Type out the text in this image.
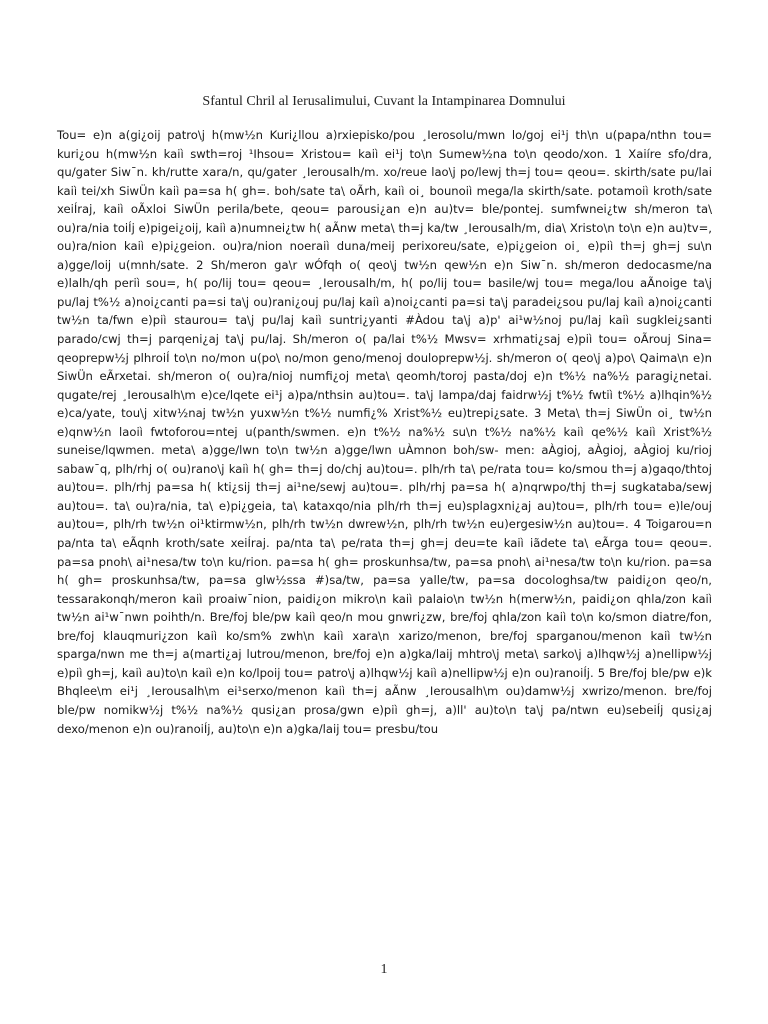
Sfantul Chril al Ierusalimului, Cuvant la Intampinarea Domnului
Tou= e)n a(gi¿oij patro\j h(mw½n Kuri¿llou a)rxiepisko/pou ¸Ierosolu/mwn lo/goj ei¹j th\n u(papa/nthn tou= kuri¿ou h(mw½n kaiì swth=roj ¹Ihsou= Xristou= kaiì ei¹j to\n Sumew½na to\n qeodo/xon. 1 Xaiíre sfo/dra, qu/gater Siw¯n. kh/rutte xara/n, qu/gater ¸Ierousalh/m. xo/reue lao\j po/lewj th=j tou= qeou=. skirth/sate pu/lai kaiì tei/xh SiwÜn kaiì pa=sa h( gh=. boh/sate ta\ oÃrh, kaiì oi¸ bounoiì mega/la skirth/sate. potamoiì kroth/sate xeiÍraj, kaiì oÃxloi SiwÜn perila/bete, qeou= parousi¿an e)n au)tv= ble/pontej. sumfwnei¿tw sh/meron ta\ ou)ra/nia toiÍj e)pigei¿oij, kaiì a)numnei¿tw h( aÃnw meta\ th=j ka/tw ¸Ierousalh/m, dia\ Xristo\n to\n e)n au)tv=, ou)ra/nion kaiì e)pi¿geion. ou)ra/nion noeraiì duna/meij perixoreu/sate, e)pi¿geion oi¸ e)piì th=j gh=j su\n a)gge/loij u(mnh/sate. 2 Sh/meron ga\r wÓfqh o( qeo\j tw½n qew½n e)n Siw¯n. sh/meron dedocasme/na e)lalh/qh periì sou=, h( po/lij tou= qeou= ¸Ierousalh/m, h( po/lij tou= basile/wj tou= mega/lou aÃnoige ta\j pu/laj t%½ a)noi¿canti pa=si ta\j ou)rani¿ouj pu/laj kaiì a)noi¿canti pa=si ta\j paradei¿sou pu/laj kaiì a)noi¿canti tw½n ta/fwn e)piì staurou= ta\j pu/laj kaiì suntri¿yanti #Àdou ta\j a)p' ai¹w½noj pu/laj kaiì sugklei¿santi parado/cwj th=j parqeni¿aj ta\j pu/laj. Sh/meron o( pa/lai t%½ Mwsv= xrhmati¿saj e)piì tou= oÃrouj Sina= qeoprepw½j plhroiÍ to\n no/mon u(po\ no/mon geno/menoj douloprepw½j. sh/meron o( qeo\j a)po\ Qaima\n e)n SiwÜn eÃrxetai. sh/meron o( ou)ra/nioj numfi¿oj meta\ qeomh/toroj pasta/doj e)n t%½ na%½ paragi¿netai. qugate/rej ¸Ierousalh\m e)ce/lqete ei¹j a)pa/nthsin au)tou=. ta\j lampa/daj faidrw½j t%½ fwtiì t%½ a)lhqin%½ e)ca/yate, tou\j xitw½naj tw½n yuxw½n t%½ numfi¿% Xrist%½ eu)trepi¿sate. 3 Meta\ th=j SiwÜn oi¸ tw½n e)qnw½n laoiì fwtoforou=ntej u(panth/swmen. e)n t%½ na%½ su\n t%½ na%½ kaiì qe%½ kaiì Xrist%½ suneise/lqwmen. meta\ a)gge/lwn to\n tw½n a)gge/lwn uÀmnon boh/sw- men: aÀgioj, aÀgioj, aÀgioj ku/rioj sabaw¯q, plh/rhj o( ou)rano\j kaiì h( gh= th=j do/chj au)tou=. plh/rh ta\ pe/rata tou= ko/smou th=j a)gaqo/thtoj au)tou=. plh/rhj pa=sa h( kti¿sij th=j ai¹ne/sewj au)tou=. plh/rhj pa=sa h( a)nqrwpo/thj th=j sugkataba/sewj au)tou=. ta\ ou)ra/nia, ta\ e)pi¿geia, ta\ kataxqo/nia plh/rh th=j eu)splagxni¿aj au)tou=, plh/rh tou= e)le/ouj au)tou=, plh/rh tw½n oi¹ktirmw½n, plh/rh tw½n dwrew½n, plh/rh tw½n eu)ergesiw½n au)tou=. 4 Toigarou=n pa/nta ta\ eÃqnh kroth/sate xeiÍraj. pa/nta ta\ pe/rata th=j gh=j deu=te kaiì iãdete ta\ eÃrga tou= qeou=. pa=sa pnoh\ ai¹nesa/tw to\n ku/rion. pa=sa h( gh= proskunhsa/tw, pa=sa pnoh\ ai¹nesa/tw to\n ku/rion. pa=sa h( gh= proskunhsa/tw, pa=sa glw½ssa #)sa/tw, pa=sa yalle/tw, pa=sa docologhsa/tw paidi¿on qeo/n, tessarakonqh/meron kaiì proaiw¯nion, paidi¿on mikro\n kaiì palaio\n tw½n h(merw½n, paidi¿on qhla/zon kaiì tw½n ai¹w¯nwn poihth/n. Bre/foj ble/pw kaiì qeo/n mou gnwri¿zw, bre/foj qhla/zon kaiì to\n ko/smon diatre/fon, bre/foj klauqmuri¿zon kaiì ko/sm% zwh\n kaiì xara\n xarizo/menon, bre/foj sparganou/menon kaiì tw½n sparga/nwn me th=j a(marti¿aj lutrou/menon, bre/foj e)n a)gka/laij mhtro\j meta\ sarko\j a)lhqw½j a)nellipw½j e)piì gh=j, kaiì au)to\n kaiì e)n ko/lpoij tou= patro\j a)lhqw½j kaiì a)nellipw½j e)n ou)ranoiÍj. 5 Bre/foj ble/pw e)k Bhqlee\m ei¹j ¸Ierousalh\m ei¹serxo/menon kaiì th=j aÃnw ¸Ierousalh\m ou)damw½j xwrizo/menon. bre/foj ble/pw nomikw½j t%½ na%½ qusi¿an prosa/gwn e)piì gh=j, a)ll' au)to\n ta\j pa/ntwn eu)sebeiÍj qusi¿aj dexo/menon e)n ou)ranoiÍj, au)to\n e)n a)gka/laij tou= presbu/tou
1
